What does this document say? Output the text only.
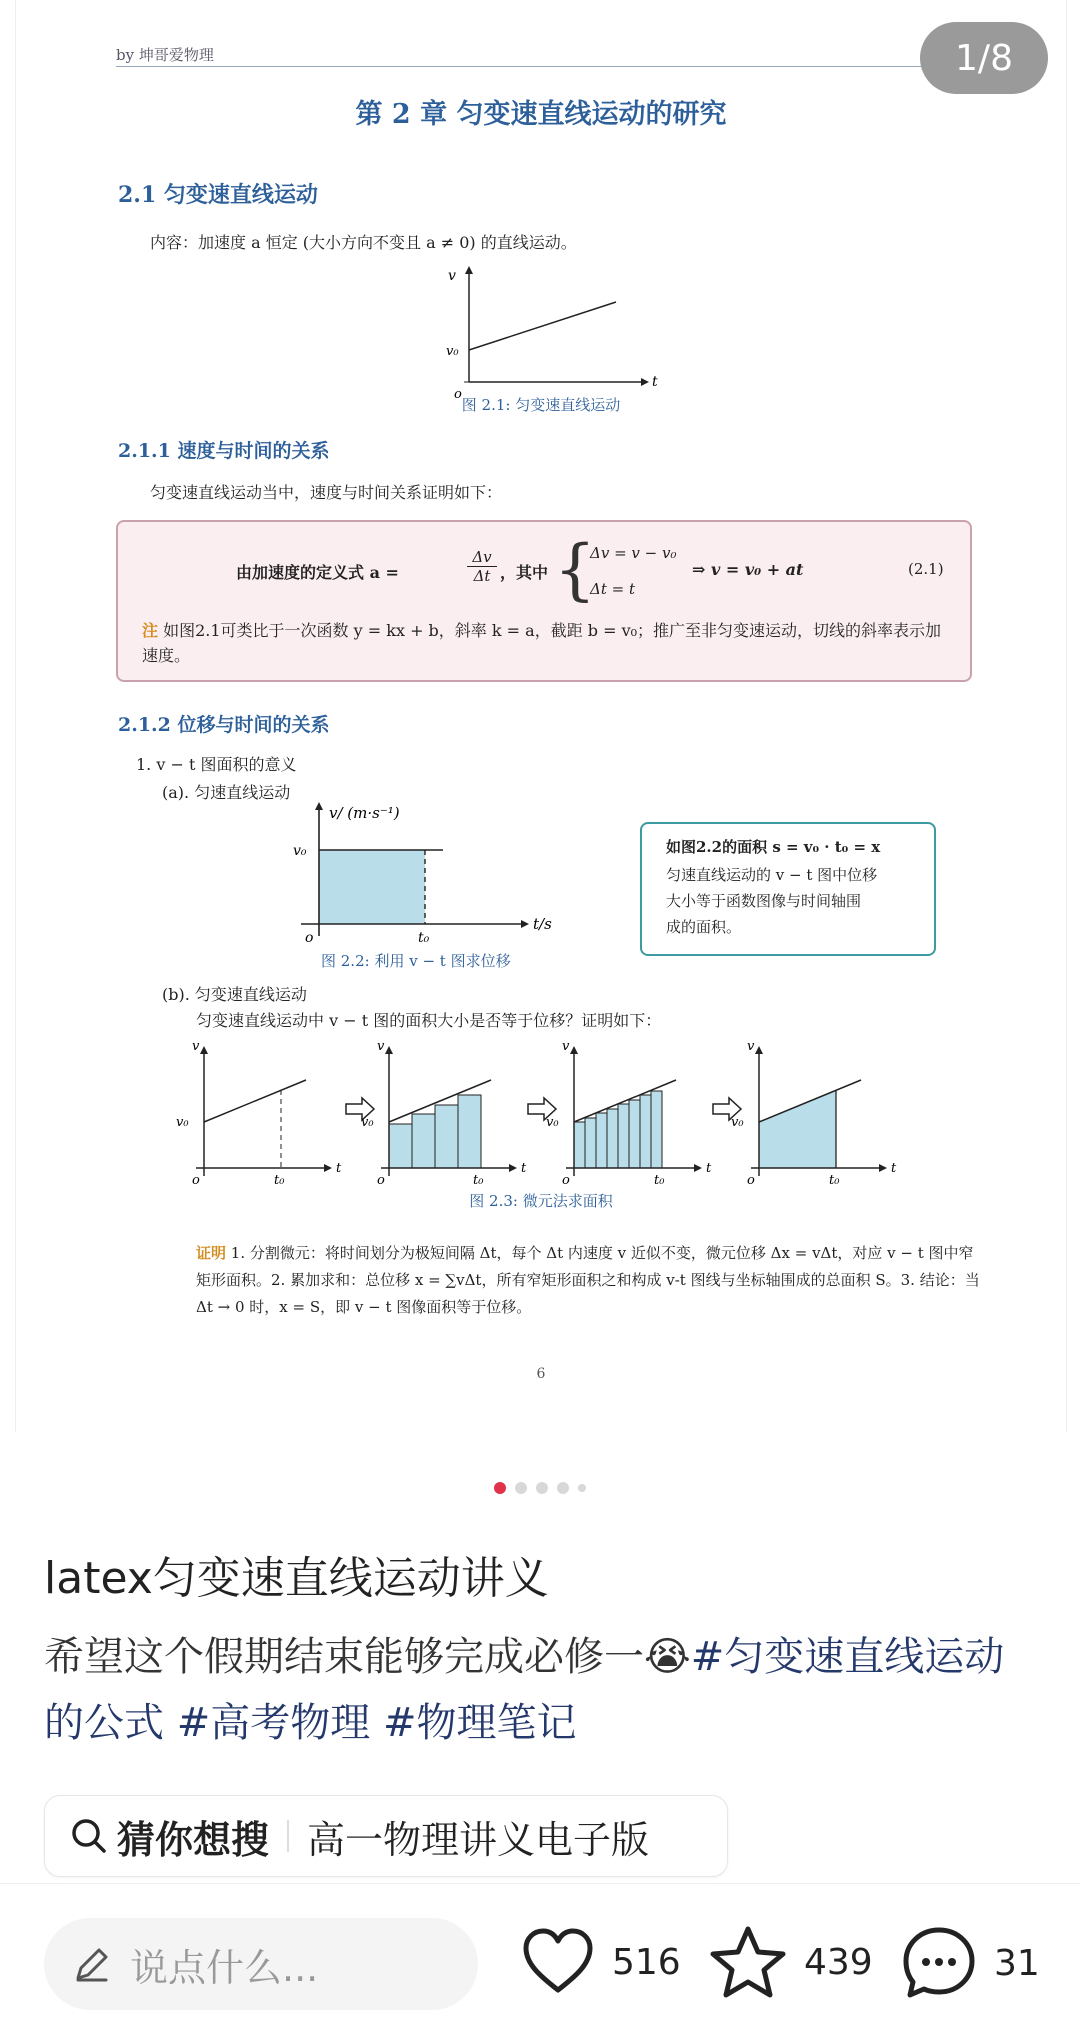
by 坤哥爱物理
第 2 章 匀变速直线运动的研究
2.1 匀变速直线运动
内容：加速度 a 恒定 (大小方向不变且 a ≠ 0) 的直线运动。
v
v₀
t
o
图 2.1: 匀变速直线运动
2.1.1 速度与时间的关系
匀变速直线运动当中，速度与时间关系证明如下：
由加速度的定义式 a =	$\frac{\Delta v}{\Delta t}$ ，其中 {
Δv = v − v₀
Δt = t
⇒ v = v₀ + at	(2.1)
注 如图2.1可类比于一次函数 y = kx + b，斜率 k = a，截距 b = v₀；推广至非匀变速运动，切线的斜率表示加速度。
2.1.2 位移与时间的关系
1. v − t 图面积的意义
(a). 匀速直线运动
v/ (m·s⁻¹)
v₀
t/s
t₀
o
图 2.2: 利用 v − t 图求位移
如图2.2的面积 s = v₀ · t₀ = x
匀速直线运动的 v − t 图中位移
大小等于函数图像与时间轴围
成的面积。
(b). 匀变速直线运动
匀变速直线运动中 v − t 图的面积大小是否等于位移？证明如下：
v
v₀
o	t₀
t
v
v₀
o	t₀
t
v
v₀
o	t₀
t
v
v₀
o	t₀
t
图 2.3: 微元法求面积
证明 1. 分割微元：将时间划分为极短间隔 Δt，每个 Δt 内速度 v 近似不变，微元位移 Δx = vΔt，对应 v − t 图中窄矩形面积。2. 累加求和：总位移 x = ∑vΔt，所有窄矩形面积之和构成 v-t 图线与坐标轴围成的总面积 S。3. 结论：当 Δt → 0 时，x = S，即 v − t 图像面积等于位移。
6
1/8
latex匀变速直线运动讲义
希望这个假期结束能够完成必修一😭#匀变速直线运动的公式 #高考物理 #物理笔记
猜你想搜 高一物理讲义电子版
说点什么...	516	439	31
